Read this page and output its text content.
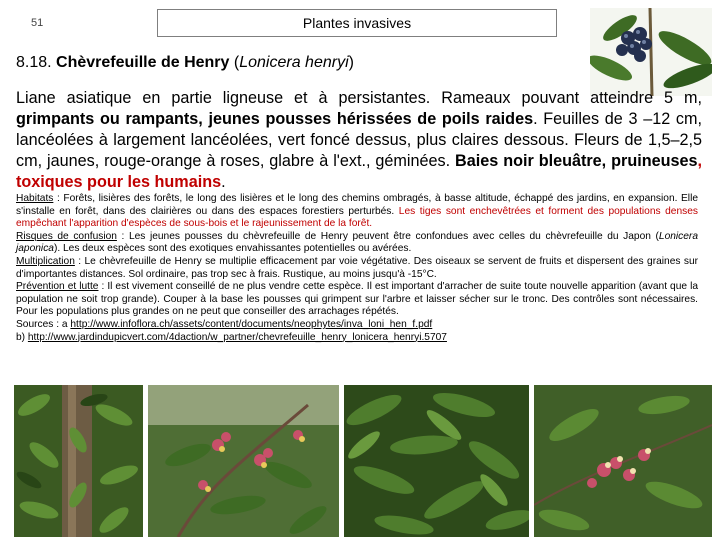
51	Plantes invasives
8.18. Chèvrefeuille de Henry (Lonicera henryi)
Liane asiatique en partie ligneuse et à persistantes. Rameaux pouvant atteindre 5 m, grimpants ou rampants, jeunes pousses hérissées de poils raides. Feuilles de 3 –12 cm, lancéolées à largement lancéolées, vert foncé dessus, plus claires dessous. Fleurs de 1,5–2,5 cm, jaunes, rouge-orange à roses, glabre à l'ext., géminées. Baies noir bleuâtre, pruineuses, toxiques pour les humains.
Habitats : Forêts, lisières des forêts, le long des lisières et le long des chemins ombragés, à basse altitude, échappé des jardins, en expansion. Elle s'installe en forêt, dans des clairières ou dans des espaces forestiers perturbés. Les tiges sont enchevêtrées et forment des populations denses empêchant l'apparition d'espèces de sous-bois et le rajeunissement de la forêt.
Risques de confusion : Les jeunes pousses du chèvrefeuille de Henry peuvent être confondues avec celles du chèvrefeuille du Japon (Lonicera japonica). Les deux espèces sont des exotiques envahissantes potentielles ou avérées.
Multiplication : Le chèvrefeuille de Henry se multiplie efficacement par voie végétative. Des oiseaux se servent de fruits et dispersent des graines sur d'importantes distances. Sol ordinaire, pas trop sec à frais. Rustique, au moins jusqu'à -15°C.
Prévention et lutte : Il est vivement conseillé de ne plus vendre cette espèce. Il est important d'arracher de suite toute nouvelle apparition (avant que la population ne soit trop grande). Couper à la base les pousses qui grimpent sur l'arbre et laisser sécher sur le tronc. Des contrôles sont nécessaires. Pour les populations plus grandes on ne peut que conseiller des arrachages répétés.
Sources : a http://www.infoflora.ch/assets/content/documents/neophytes/inva_loni_hen_f.pdf
b) http://www.jardindupicvert.com/4daction/w_partner/chevrefeuille_henry_lonicera_henryi.5707
